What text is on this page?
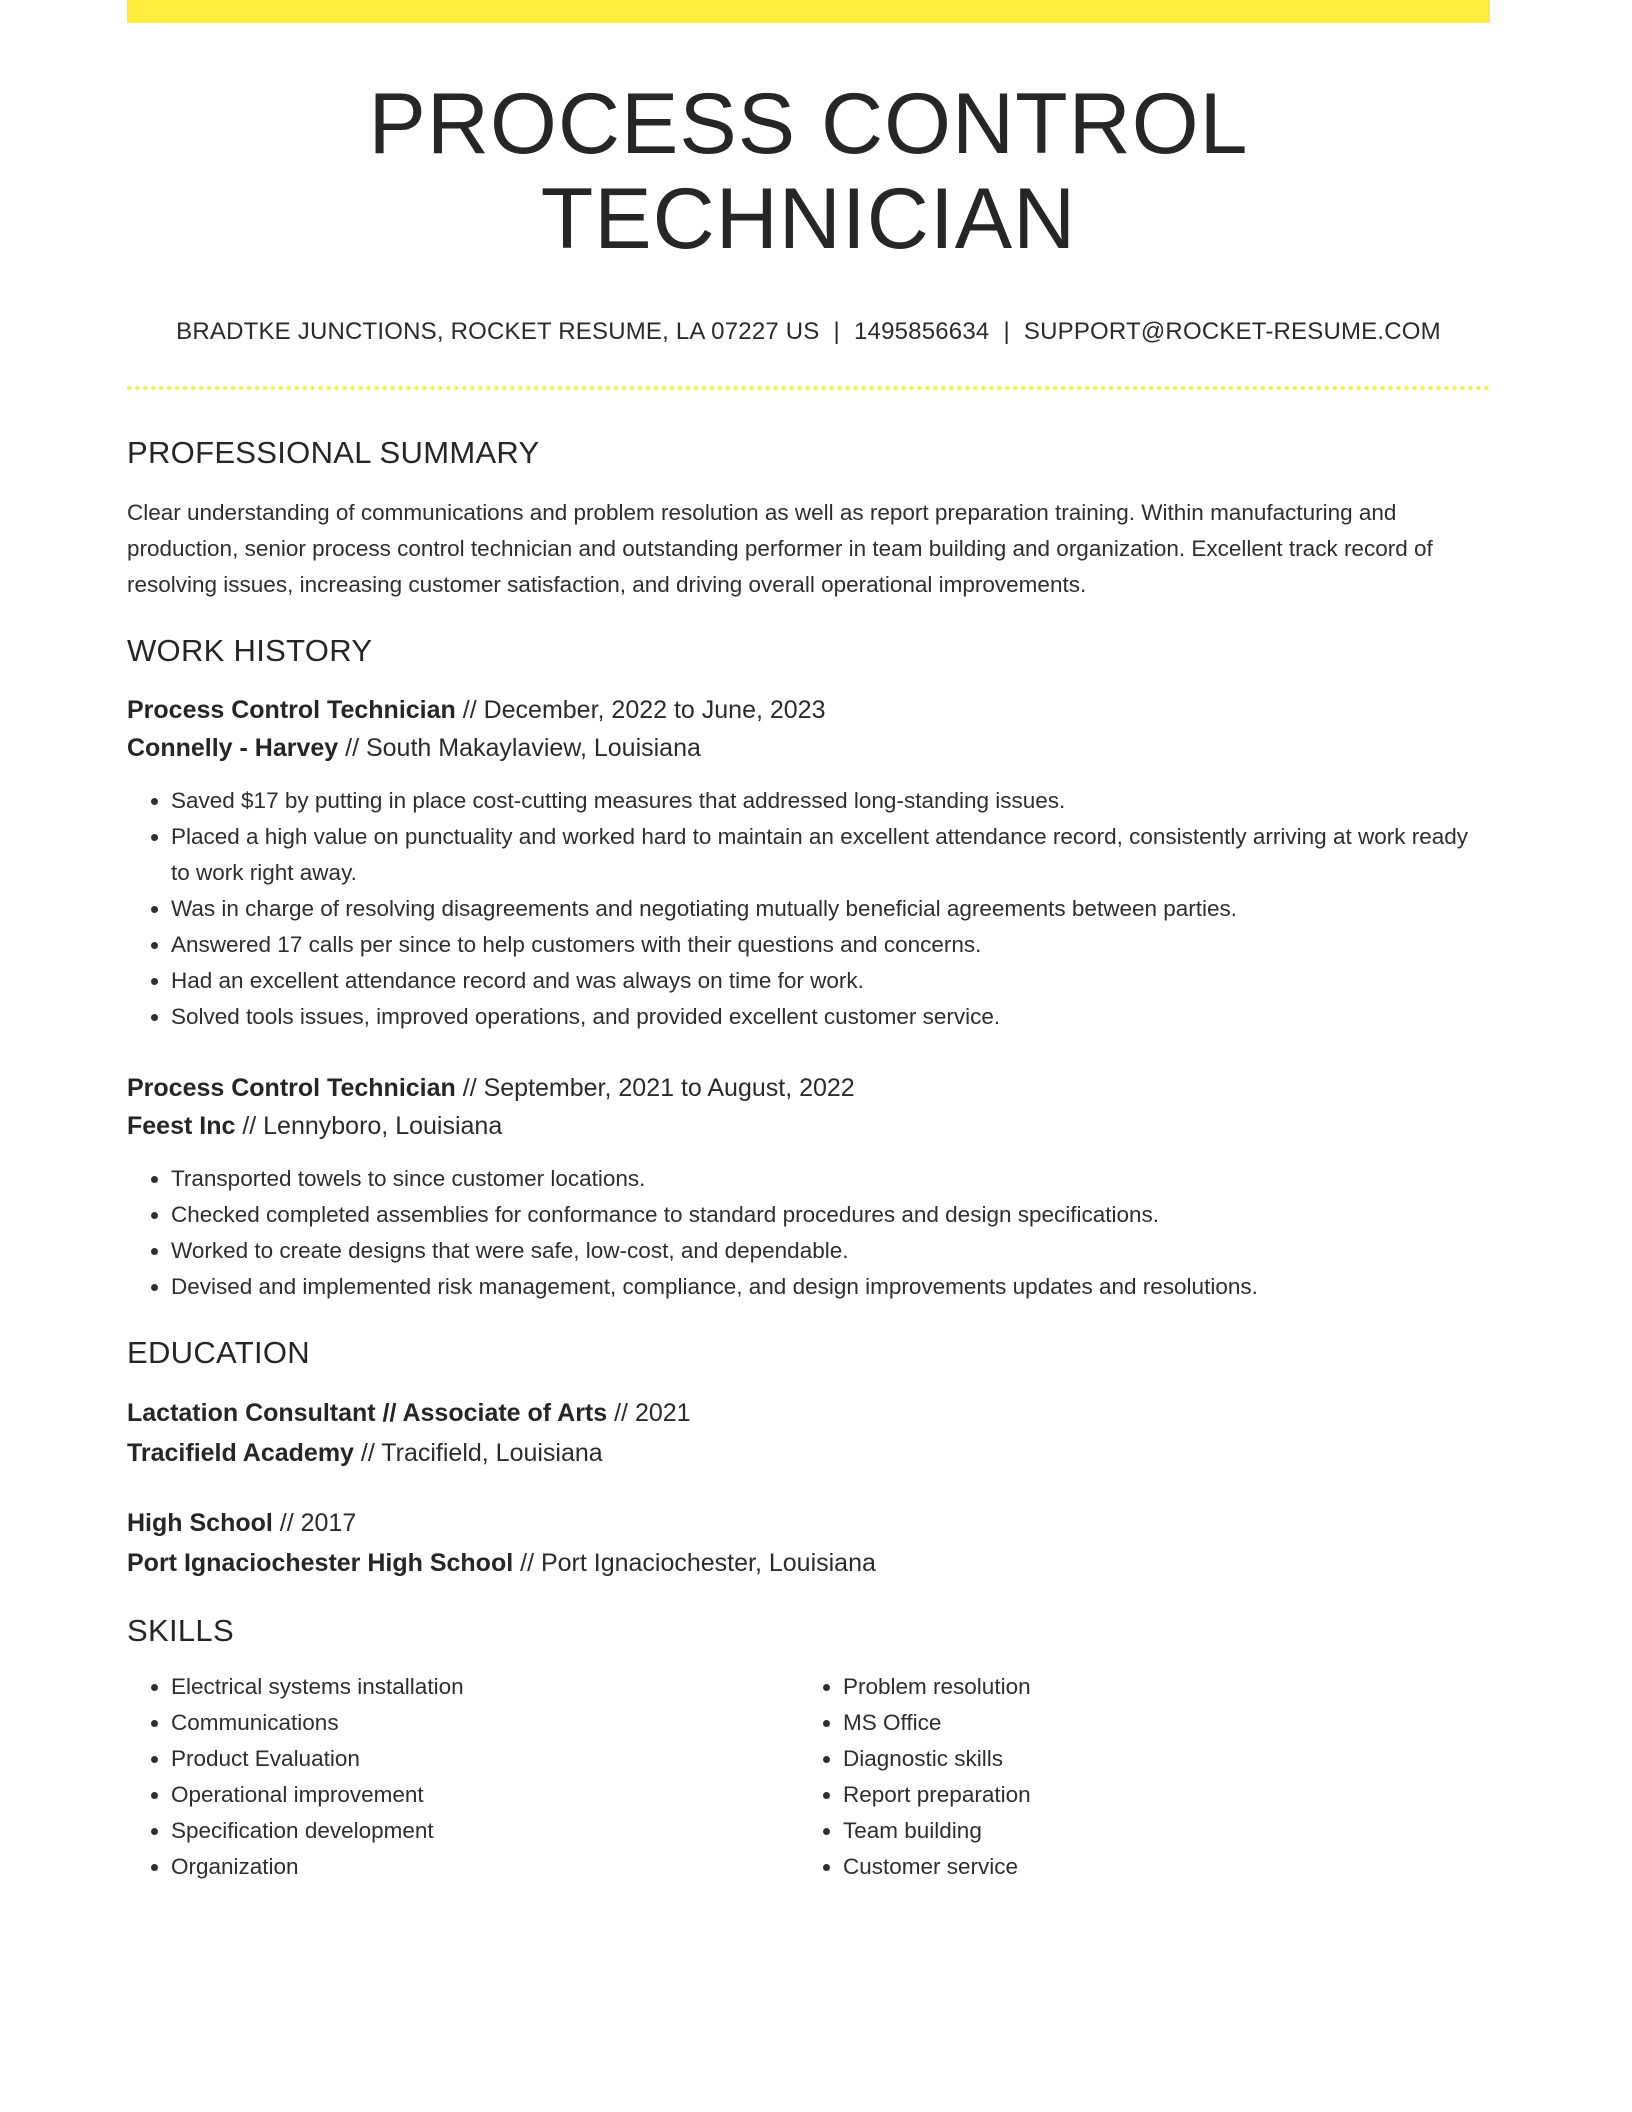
PROCESS CONTROL TECHNICIAN
BRADTKE JUNCTIONS, ROCKET RESUME, LA 07227 US | 1495856634 | SUPPORT@ROCKET-RESUME.COM
PROFESSIONAL SUMMARY
Clear understanding of communications and problem resolution as well as report preparation training. Within manufacturing and production, senior process control technician and outstanding performer in team building and organization. Excellent track record of resolving issues, increasing customer satisfaction, and driving overall operational improvements.
WORK HISTORY
Process Control Technician // December, 2022 to June, 2023
Connelly - Harvey // South Makaylaview, Louisiana
• Saved $17 by putting in place cost-cutting measures that addressed long-standing issues.
• Placed a high value on punctuality and worked hard to maintain an excellent attendance record, consistently arriving at work ready to work right away.
• Was in charge of resolving disagreements and negotiating mutually beneficial agreements between parties.
• Answered 17 calls per since to help customers with their questions and concerns.
• Had an excellent attendance record and was always on time for work.
• Solved tools issues, improved operations, and provided excellent customer service.
Process Control Technician // September, 2021 to August, 2022
Feest Inc // Lennyboro, Louisiana
• Transported towels to since customer locations.
• Checked completed assemblies for conformance to standard procedures and design specifications.
• Worked to create designs that were safe, low-cost, and dependable.
• Devised and implemented risk management, compliance, and design improvements updates and resolutions.
EDUCATION
Lactation Consultant // Associate of Arts // 2021
Tracifield Academy // Tracifield, Louisiana
High School // 2017
Port Ignaciochester High School // Port Ignaciochester, Louisiana
SKILLS
• Electrical systems installation
• Communications
• Product Evaluation
• Operational improvement
• Specification development
• Organization
• Problem resolution
• MS Office
• Diagnostic skills
• Report preparation
• Team building
• Customer service
